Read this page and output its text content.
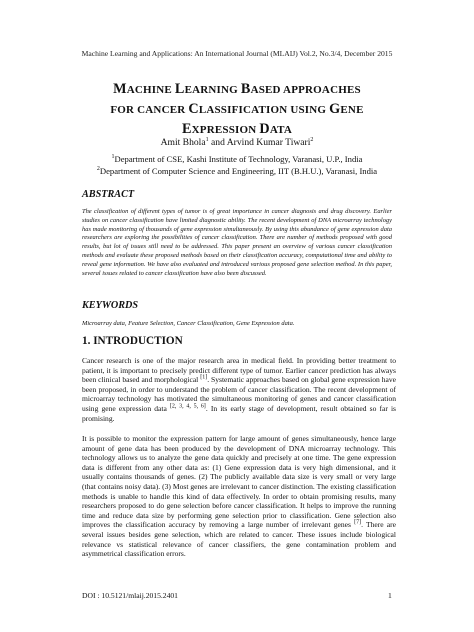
Machine Learning and Applications: An International Journal (MLAIJ) Vol.2, No.3/4, December 2015
MACHINE LEARNING BASED APPROACHES
FOR CANCER CLASSIFICATION USING GENE
EXPRESSION DATA
Amit Bhola$^1$ and Arvind Kumar Tiwari$^2$
$^1$Department of CSE, Kashi Institute of Technology, Varanasi, U.P., India
$^2$Department of Computer Science and Engineering, IIT (B.H.U.), Varanasi, India
ABSTRACT
The classification of different types of tumor is of great importance in cancer diagnosis and drug discovery. Earlier studies on cancer classification have limited diagnostic ability. The recent development of DNA microarray technology has made monitoring of thousands of gene expression simultaneously. By using this abundance of gene expression data researchers are exploring the possibilities of cancer classification. There are number of methods proposed with good results, but lot of issues still need to be addressed. This paper present an overview of various cancer classification methods and evaluate these proposed methods based on their classification accuracy, computational time and ability to reveal gene information. We have also evaluated and introduced various proposed gene selection method. In this paper, several issues related to cancer classification have also been discussed.
KEYWORDS
Microarray data, Feature Selection, Cancer Classification, Gene Expression data.
1. INTRODUCTION
Cancer research is one of the major research area in medical field. In providing better treatment to patient, it is important to precisely predict different type of tumor. Earlier cancer prediction has always been clinical based and morphological [1]. Systematic approaches based on global gene expression have been proposed, in order to understand the problem of cancer classification. The recent development of microarray technology has motivated the simultaneous monitoring of genes and cancer classification using gene expression data [2, 3, 4, 5, 6]. In its early stage of development, result obtained so far is promising.
It is possible to monitor the expression pattern for large amount of genes simultaneously, hence large amount of gene data has been produced by the development of DNA microarray technology. This technology allows us to analyze the gene data quickly and precisely at one time. The gene expression data is different from any other data as: (1) Gene expression data is very high dimensional, and it usually contains thousands of genes. (2) The publicly available data size is very small or very large (that contains noisy data). (3) Most genes are irrelevant to cancer distinction. The existing classification methods is unable to handle this kind of data effectively. In order to obtain promising results, many researchers proposed to do gene selection before cancer classification. It helps to improve the running time and reduce data size by performing gene selection prior to classification. Gene selection also improves the classification accuracy by removing a large number of irrelevant genes [7]. There are several issues besides gene selection, which are related to cancer. These issues include biological relevance vs statistical relevance of cancer classifiers, the gene contamination problem and asymmetrical classification errors.
DOI : 10.5121/mlaij.2015.2401	1
